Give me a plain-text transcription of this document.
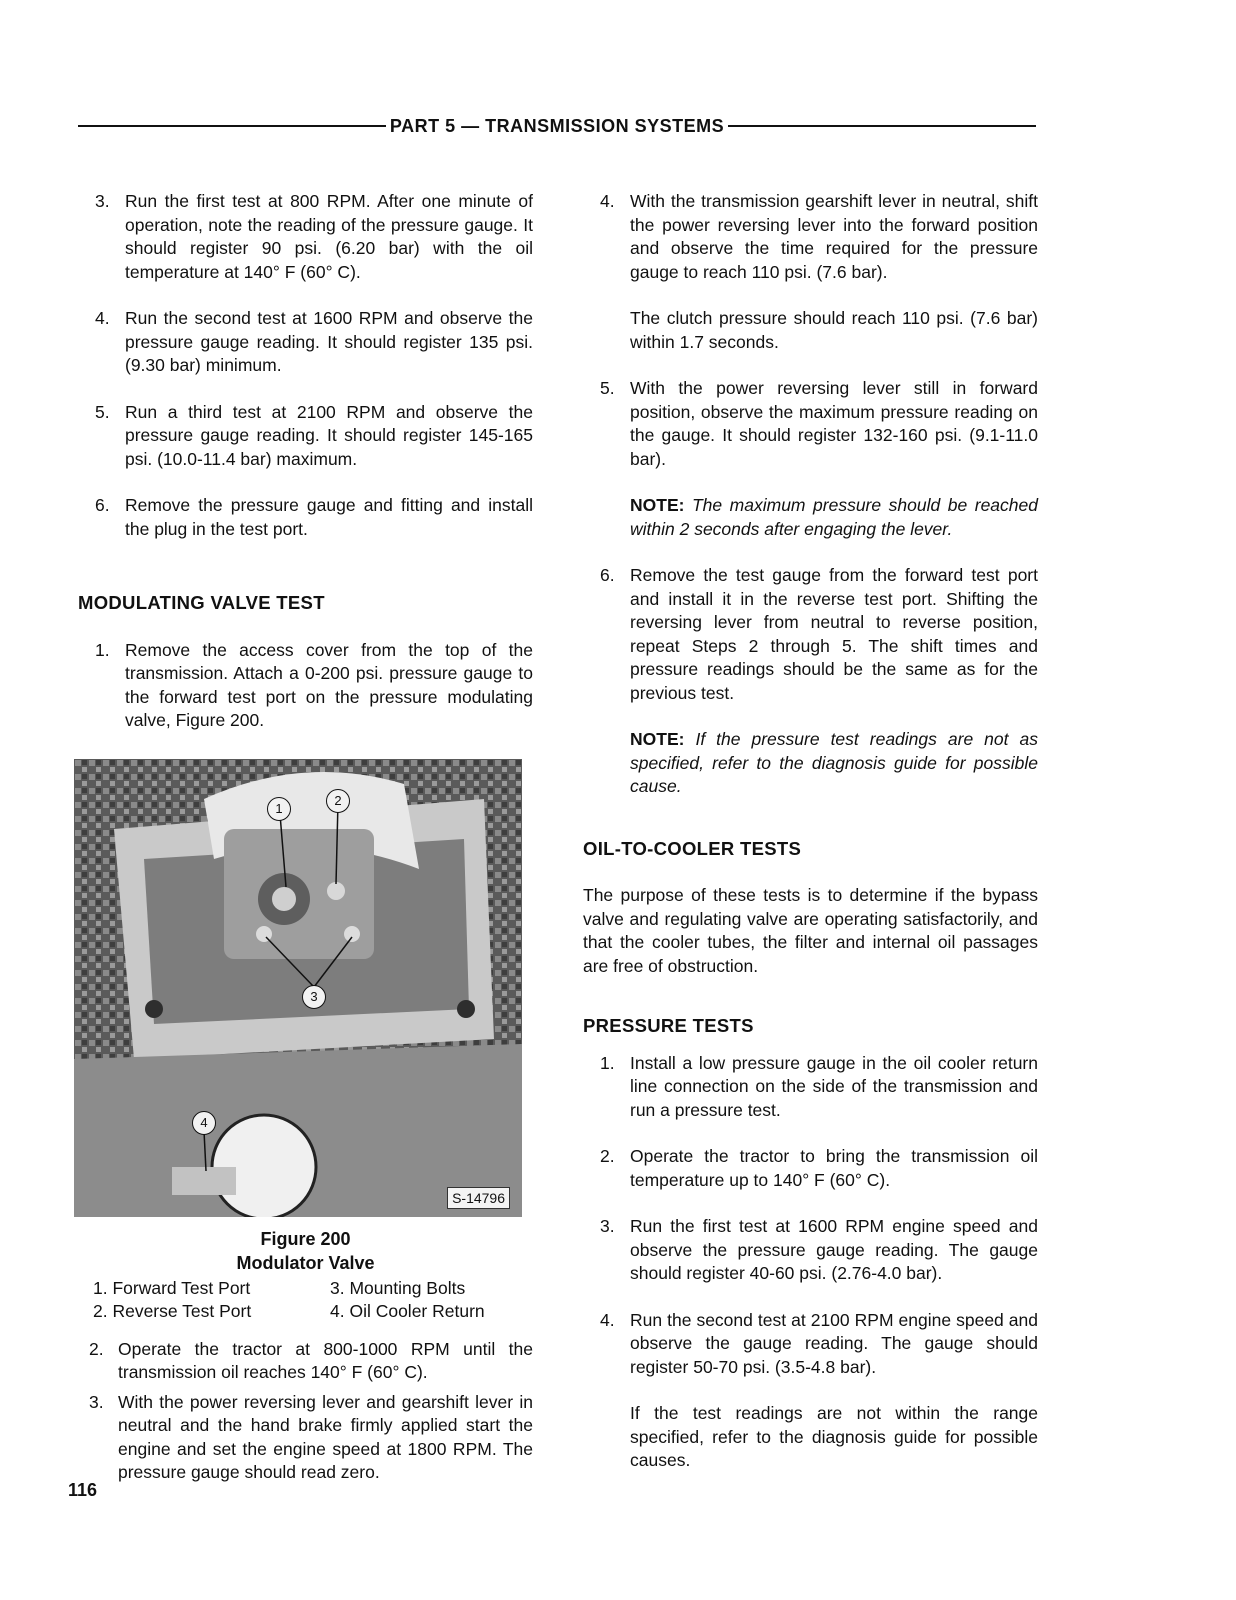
PART 5 — TRANSMISSION SYSTEMS
3. Run the first test at 800 RPM. After one minute of operation, note the reading of the pressure gauge. It should register 90 psi. (6.20 bar) with the oil temperature at 140° F (60° C).
4. Run the second test at 1600 RPM and observe the pressure gauge reading. It should register 135 psi. (9.30 bar) minimum.
5. Run a third test at 2100 RPM and observe the pressure gauge reading. It should register 145-165 psi. (10.0-11.4 bar) maximum.
6. Remove the pressure gauge and fitting and install the plug in the test port.
MODULATING VALVE TEST
1. Remove the access cover from the top of the transmission. Attach a 0-200 psi. pressure gauge to the forward test port on the pressure modulating valve, Figure 200.
1
2
3
4
S-14796
Figure 200
Modulator Valve
1. Forward Test Port	3. Mounting Bolts
2. Reverse Test Port	4. Oil Cooler Return
2. Operate the tractor at 800-1000 RPM until the transmission oil reaches 140° F (60° C).
3. With the power reversing lever and gearshift lever in neutral and the hand brake firmly applied start the engine and set the engine speed at 1800 RPM. The pressure gauge should read zero.
4. With the transmission gearshift lever in neutral, shift the power reversing lever into the forward position and observe the time required for the pressure gauge to reach 110 psi. (7.6 bar).
The clutch pressure should reach 110 psi. (7.6 bar) within 1.7 seconds.
5. With the power reversing lever still in forward position, observe the maximum pressure reading on the gauge. It should register 132-160 psi. (9.1-11.0 bar).
NOTE: The maximum pressure should be reached within 2 seconds after engaging the lever.
6. Remove the test gauge from the forward test port and install it in the reverse test port. Shifting the reversing lever from neutral to reverse position, repeat Steps 2 through 5. The shift times and pressure readings should be the same as for the previous test.
NOTE: If the pressure test readings are not as specified, refer to the diagnosis guide for possible cause.
OIL-TO-COOLER TESTS
The purpose of these tests is to determine if the bypass valve and regulating valve are operating satisfactorily, and that the cooler tubes, the filter and internal oil passages are free of obstruction.
PRESSURE TESTS
1. Install a low pressure gauge in the oil cooler return line connection on the side of the transmission and run a pressure test.
2. Operate the tractor to bring the transmission oil temperature up to 140° F (60° C).
3. Run the first test at 1600 RPM engine speed and observe the pressure gauge reading. The gauge should register 40-60 psi. (2.76-4.0 bar).
4. Run the second test at 2100 RPM engine speed and observe the gauge reading. The gauge should register 50-70 psi. (3.5-4.8 bar).
If the test readings are not within the range specified, refer to the diagnosis guide for possible causes.
116
